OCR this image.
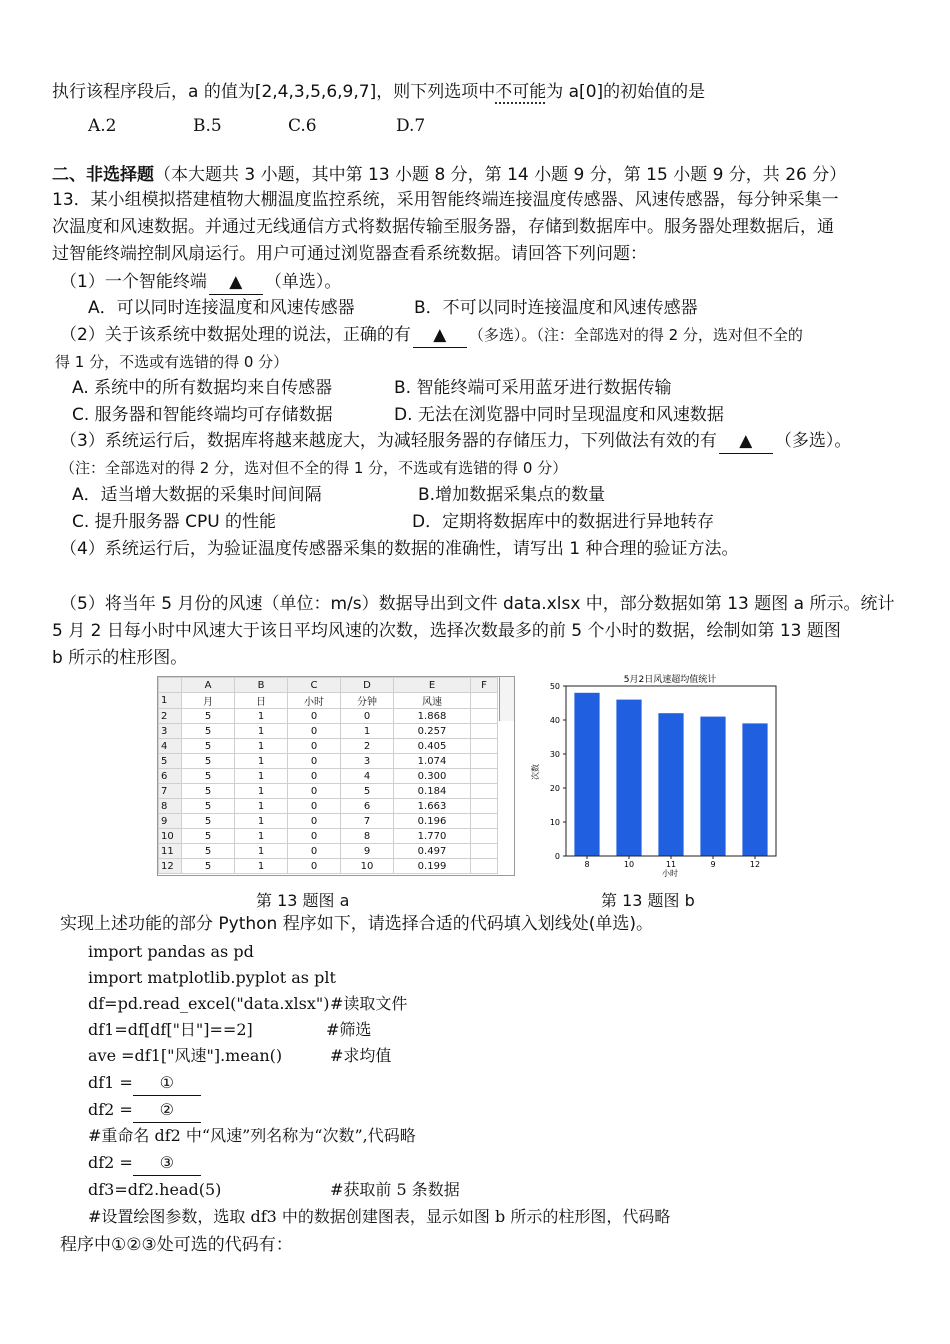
执行该程序段后，a 的值为[2,4,3,5,6,9,7]，则下列选项中不可能为 a[0]的初始值的是
A.2	B.5	C.6	D.7
二、非选择题（本大题共 3 小题，其中第 13 小题 8 分，第 14 小题 9 分，第 15 小题 9 分，共 26 分）
13．某小组模拟搭建植物大棚温度监控系统，采用智能终端连接温度传感器、风速传感器，每分钟采集一
次温度和风速数据。并通过无线通信方式将数据传输至服务器，存储到数据库中。服务器处理数据后，通
过智能终端控制风扇运行。用户可通过浏览器查看系统数据。请回答下列问题：
（1）一个智能终端 ▲ （单选）。
A．可以同时连接温度和风速传感器	B．不可以同时连接温度和风速传感器
（2）关于该系统中数据处理的说法，正确的有 ▲ （多选）。（注：全部选对的得 2 分，选对但不全的
得 1 分，不选或有选错的得 0 分）
A. 系统中的所有数据均来自传感器	B. 智能终端可采用蓝牙进行数据传输
C. 服务器和智能终端均可存储数据	D. 无法在浏览器中同时呈现温度和风速数据
（3）系统运行后，数据库将越来越庞大，为减轻服务器的存储压力，下列做法有效的有 ▲ （多选）。
（注：全部选对的得 2 分，选对但不全的得 1 分，不选或有选错的得 0 分）
A．适当增大数据的采集时间间隔	B.增加数据采集点的数量
C. 提升服务器 CPU 的性能	D．定期将数据库中的数据进行异地转存
（4）系统运行后，为验证温度传感器采集的数据的准确性，请写出 1 种合理的验证方法。
（5）将当年 5 月份的风速（单位：m/s）数据导出到文件 data.xlsx 中，部分数据如第 13 题图 a 所示。统计
5 月 2 日每小时中风速大于该日平均风速的次数，选择次数最多的前 5 个小时的数据，绘制如第 13 题图
b 所示的柱形图。
	A	B	C	D	E	F
1	月	日	小时	分钟	风速	
2	5	1	0	0	1.868	
3	5	1	0	1	0.257	
4	5	1	0	2	0.405	
5	5	1	0	3	1.074	
6	5	1	0	4	0.300	
7	5	1	0	5	0.184	
8	5	1	0	6	1.663	
9	5	1	0	7	0.196	
10	5	1	0	8	1.770	
11	5	1	0	9	0.497	
12	5	1	0	10	0.199	
5月2日风速超均值统计
0
10
20
30
40
50
8	10	11	9	12
小时
次数
第 13 题图 a	第 13 题图 b
实现上述功能的部分 Python 程序如下，请选择合适的代码填入划线处(单选)。
import pandas as pd
import matplotlib.pyplot as plt
df=pd.read_excel("data.xlsx") #读取文件
df1=df[df["日"]==2]	#筛选
ave =df1["风速"].mean()	#求均值
df1 = ①
df2 = ②
#重命名 df2 中“风速”列名称为“次数”,代码略
df2 = ③
df3=df2.head(5)	#获取前 5 条数据
#设置绘图参数，选取 df3 中的数据创建图表，显示如图 b 所示的柱形图，代码略
程序中①②③处可选的代码有：
